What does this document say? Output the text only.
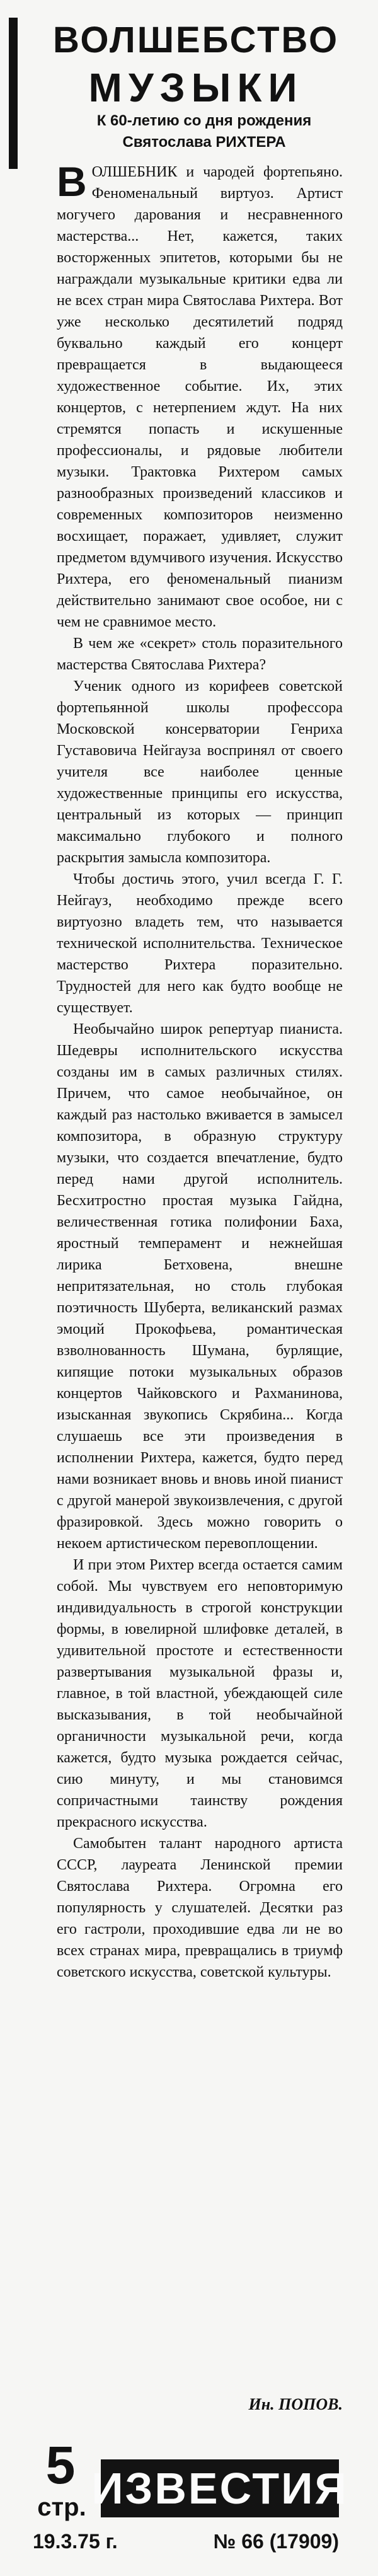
ВОЛШЕБСТВО
МУЗЫКИ
К 60-летию со дня рождения Святослава РИХТЕРА

В ОЛШЕБНИК и чародей фортепьяно. Феноменальный виртуоз. Артист могучего дарования и несравненного мастерства... Нет, кажется, таких восторженных эпитетов, которыми бы не награждали музыкальные критики едва ли не всех стран мира Святослава Рихтера. Вот уже несколько десятилетий подряд буквально каждый его концерт превращается в выдающееся художественное событие. Их, этих концертов, с нетерпением ждут. На них стремятся попасть и искушенные профессионалы, и рядовые любители музыки. Трактовка Рихтером самых разнообразных произведений классиков и современных композиторов неизменно восхищает, поражает, удивляет, служит предметом вдумчивого изучения. Искусство Рихтера, его феноменальный пианизм действительно занимают свое особое, ни с чем не сравнимое место.

В чем же «секрет» столь поразительного мастерства Святослава Рихтера?

Ученик одного из корифеев советской фортепьянной школы профессора Московской консерватории Генриха Густавовича Нейгауза воспринял от своего учителя все наиболее ценные художественные принципы его искусства, центральный из которых — принцип максимально глубокого и полного раскрытия замысла композитора.

Чтобы достичь этого, учил всегда Г. Г. Нейгауз, необходимо прежде всего виртуозно владеть тем, что называется технической исполнительства. Техническое мастерство Рихтера поразительно. Трудностей для него как будто вообще не существует.

Необычайно широк репертуар пианиста. Шедевры исполнительского искусства созданы им в самых различных стилях. Причем, что самое необычайное, он каждый раз настолько вживается в замысел композитора, в образную структуру музыки, что создается впечатление, будто перед нами другой исполнитель. Бесхитростно простая музыка Гайдна, величественная готика полифонии Баха, яростный темперамент и нежнейшая лирика Бетховена, внешне непритязательная, но столь глубокая поэтичность Шуберта, великанский размах эмоций Прокофьева, романтическая взволнованность Шумана, бурлящие, кипящие потоки музыкальных образов концертов Чайковского и Рахманинова, изысканная звукопись Скрябина... Когда слушаешь все эти произведения в исполнении Рихтера, кажется, будто перед нами возникает вновь и вновь иной пианист с другой манерой звукоизвлечения, с другой фразировкой. Здесь можно говорить о некоем артистическом перевоплощении.

И при этом Рихтер всегда остается самим собой. Мы чувствуем его неповторимую индивидуальность в строгой конструкции формы, в ювелирной шлифовке деталей, в удивительной простоте и естественности развертывания музыкальной фразы и, главное, в той властной, убеждающей силе высказывания, в той необычайной органичности музыкальной речи, когда кажется, будто музыка рождается сейчас, сию минуту, и мы становимся сопричастными таинству рождения прекрасного искусства.

Самобытен талант народного артиста СССР, лауреата Ленинской премии Святослава Рихтера. Огромна его популярность у слушателей. Десятки раз его гастроли, проходившие едва ли не во всех странах мира, превращались в триумф советского искусства, советской культуры.

Ин. ПОПОВ.
5
стр. ИЗВЕСТИЯ
19.3.75 г.	№ 66 (17909)
